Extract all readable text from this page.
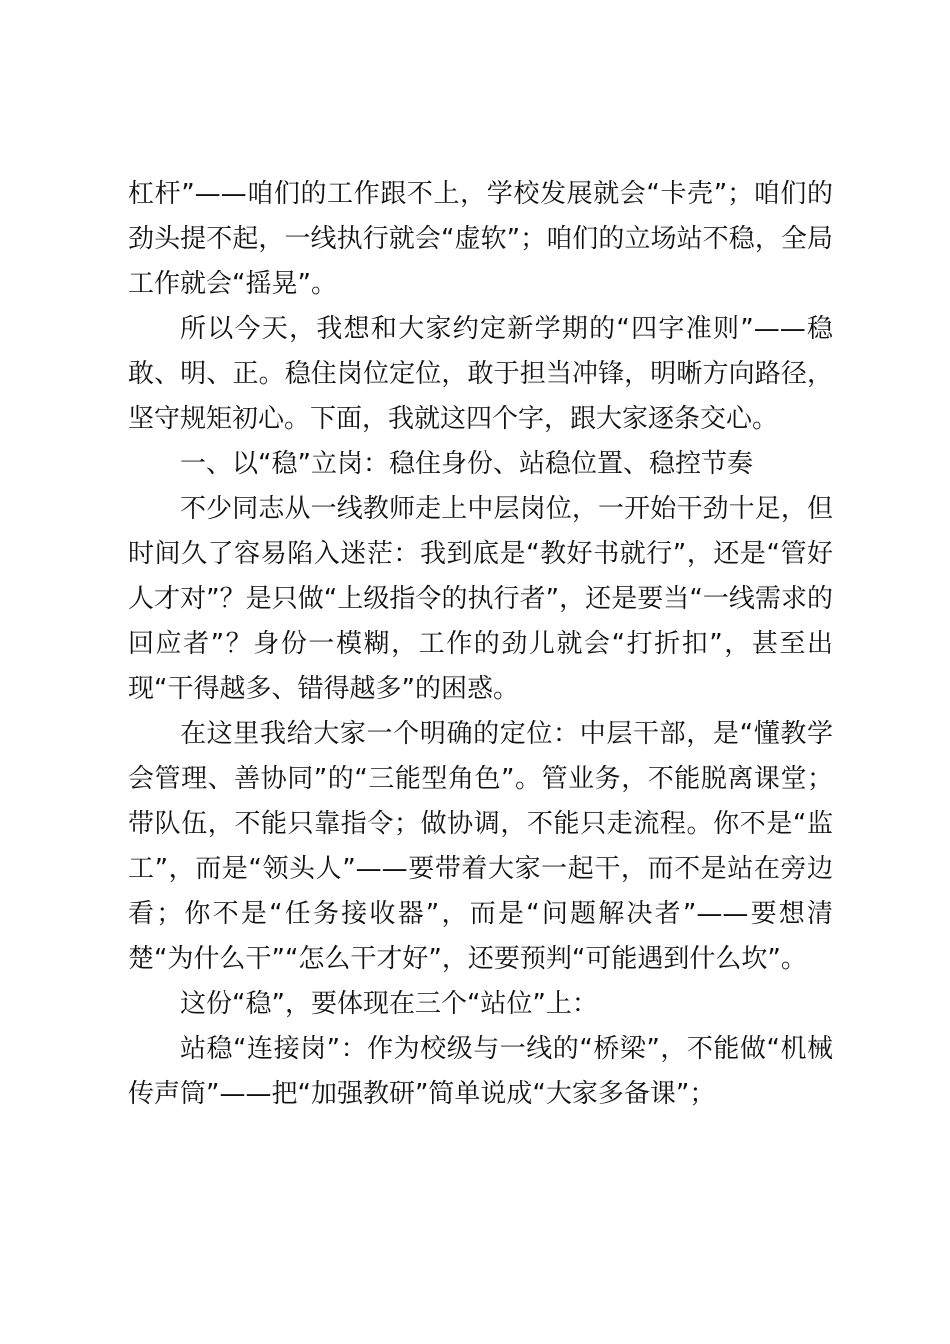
杠杆”——咱们的工作跟不上，学校发展就会“卡壳”；咱们的劲头提不起，一线执行就会“虚软”；咱们的立场站不稳，全局工作就会“摇晃”。

所以今天，我想和大家约定新学期的“四字准则”——稳敢、明、正。稳住岗位定位，敢于担当冲锋，明晰方向路径，坚守规矩初心。下面，我就这四个字，跟大家逐条交心。

一、以“稳”立岗：稳住身份、站稳位置、稳控节奏

不少同志从一线教师走上中层岗位，一开始干劲十足，但时间久了容易陷入迷茫：我到底是“教好书就行”，还是“管好人才对”？是只做“上级指令的执行者”，还是要当“一线需求的回应者”？身份一模糊，工作的劲儿就会“打折扣”，甚至出现“干得越多、错得越多”的困惑。

在这里我给大家一个明确的定位：中层干部，是“懂教学会管理、善协同”的“三能型角色”。管业务，不能脱离课堂；带队伍，不能只靠指令；做协调，不能只走流程。你不是“监工”，而是“领头人”——要带着大家一起干，而不是站在旁边看；你不是“任务接收器”，而是“问题解决者”——要想清楚“为什么干”“怎么干才好”，还要预判“可能遇到什么坎”。

这份“稳”，要体现在三个“站位”上：

站稳“连接岗”：作为校级与一线的“桥梁”，不能做“机械传声筒”——把“加强教研”简单说成“大家多备课”；
